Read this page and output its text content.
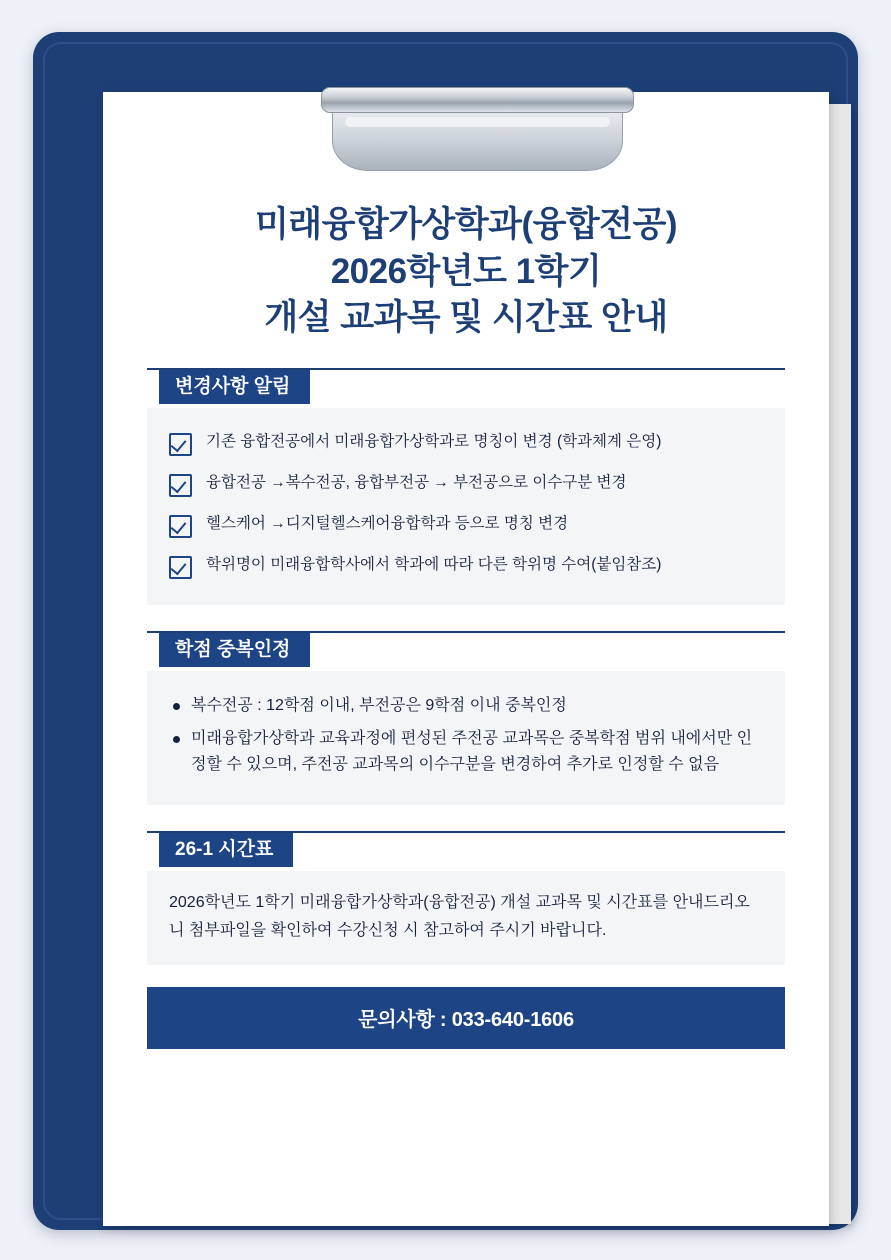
미래융합가상학과(융합전공)
2026학년도 1학기
개설 교과목 및 시간표 안내
변경사항 알림
기존 융합전공에서 미래융합가상학과로 명칭이 변경 (학과체계 은영)
융합전공 →복수전공, 융합부전공 → 부전공으로 이수구분 변경
헬스케어 →디지털헬스케어융합학과 등으로 명칭 변경
학위명이 미래융합학사에서 학과에 따라 다른 학위명 수여(붙임참조)
학점 중복인정
복수전공 : 12학점 이내, 부전공은 9학점 이내 중복인정
미래융합가상학과 교육과정에 편성된 주전공 교과목은 중복학점 범위 내에서만 인정할 수 있으며, 주전공 교과목의 이수구분을 변경하여 추가로 인정할 수 없음
26-1 시간표

2026학년도 1학기 미래융합가상학과(융합전공) 개설 교과목 및 시간표를 안내드리오니 첨부파일을 확인하여 수강신청 시 참고하여 주시기 바랍니다.

문의사항 : 033-640-1606
